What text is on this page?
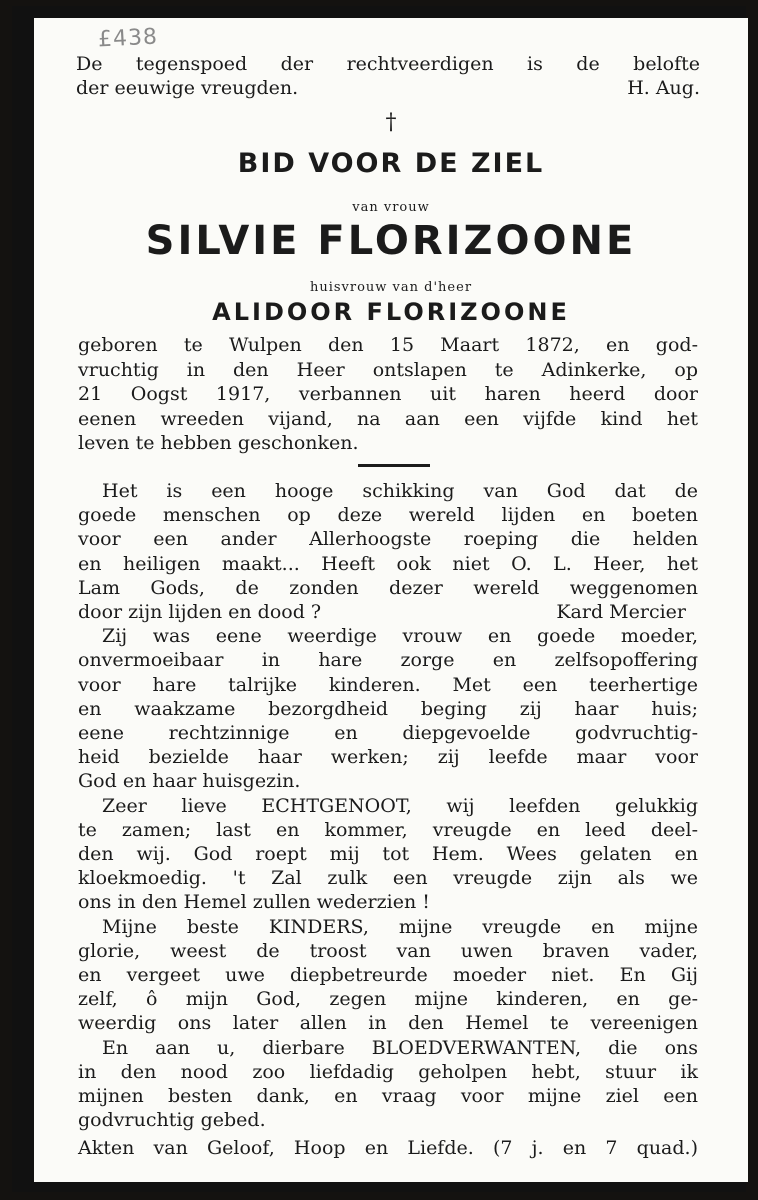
£438
De tegenspoed der rechtveerdigen is de belofte
der eeuwige vreugden.	H. Aug.
†
BID VOOR DE ZIEL
van vrouw
SILVIE FLORIZOONE
huisvrouw van d'heer
ALIDOOR FLORIZOONE
geboren te Wulpen den 15 Maart 1872, en god-
vruchtig in den Heer ontslapen te Adinkerke, op
21 Oogst 1917, verbannen uit haren heerd door
eenen wreeden vijand, na aan een vijfde kind het
leven te hebben geschonken.
Het is een hooge schikking van God dat de
goede menschen op deze wereld lijden en boeten
voor een ander Allerhoogste roeping die helden
en heiligen maakt... Heeft ook niet O. L. Heer, het
Lam Gods, de zonden dezer wereld weggenomen
door zijn lijden en dood ?	Kard Mercier
Zij was eene weerdige vrouw en goede moeder,
onvermoeibaar in hare zorge en zelfsopoffering
voor hare talrijke kinderen. Met een teerhertige
en waakzame bezorgdheid beging zij haar huis;
eene rechtzinnige en diepgevoelde godvruchtig-
heid bezielde haar werken; zij leefde maar voor
God en haar huisgezin.
Zeer lieve ECHTGENOOT, wij leefden gelukkig
te zamen; last en kommer, vreugde en leed deel-
den wij. God roept mij tot Hem. Wees gelaten en
kloekmoedig. 't Zal zulk een vreugde zijn als we
ons in den Hemel zullen wederzien !
Mijne beste KINDERS, mijne vreugde en mijne
glorie, weest de troost van uwen braven vader,
en vergeet uwe diepbetreurde moeder niet. En Gij
zelf, ô mijn God, zegen mijne kinderen, en ge-
weerdig ons later allen in den Hemel te vereenigen
En aan u, dierbare BLOEDVERWANTEN, die ons
in den nood zoo liefdadig geholpen hebt, stuur ik
mijnen besten dank, en vraag voor mijne ziel een
godvruchtig gebed.
Akten van Geloof, Hoop en Liefde. (7 j. en 7 quad.)
